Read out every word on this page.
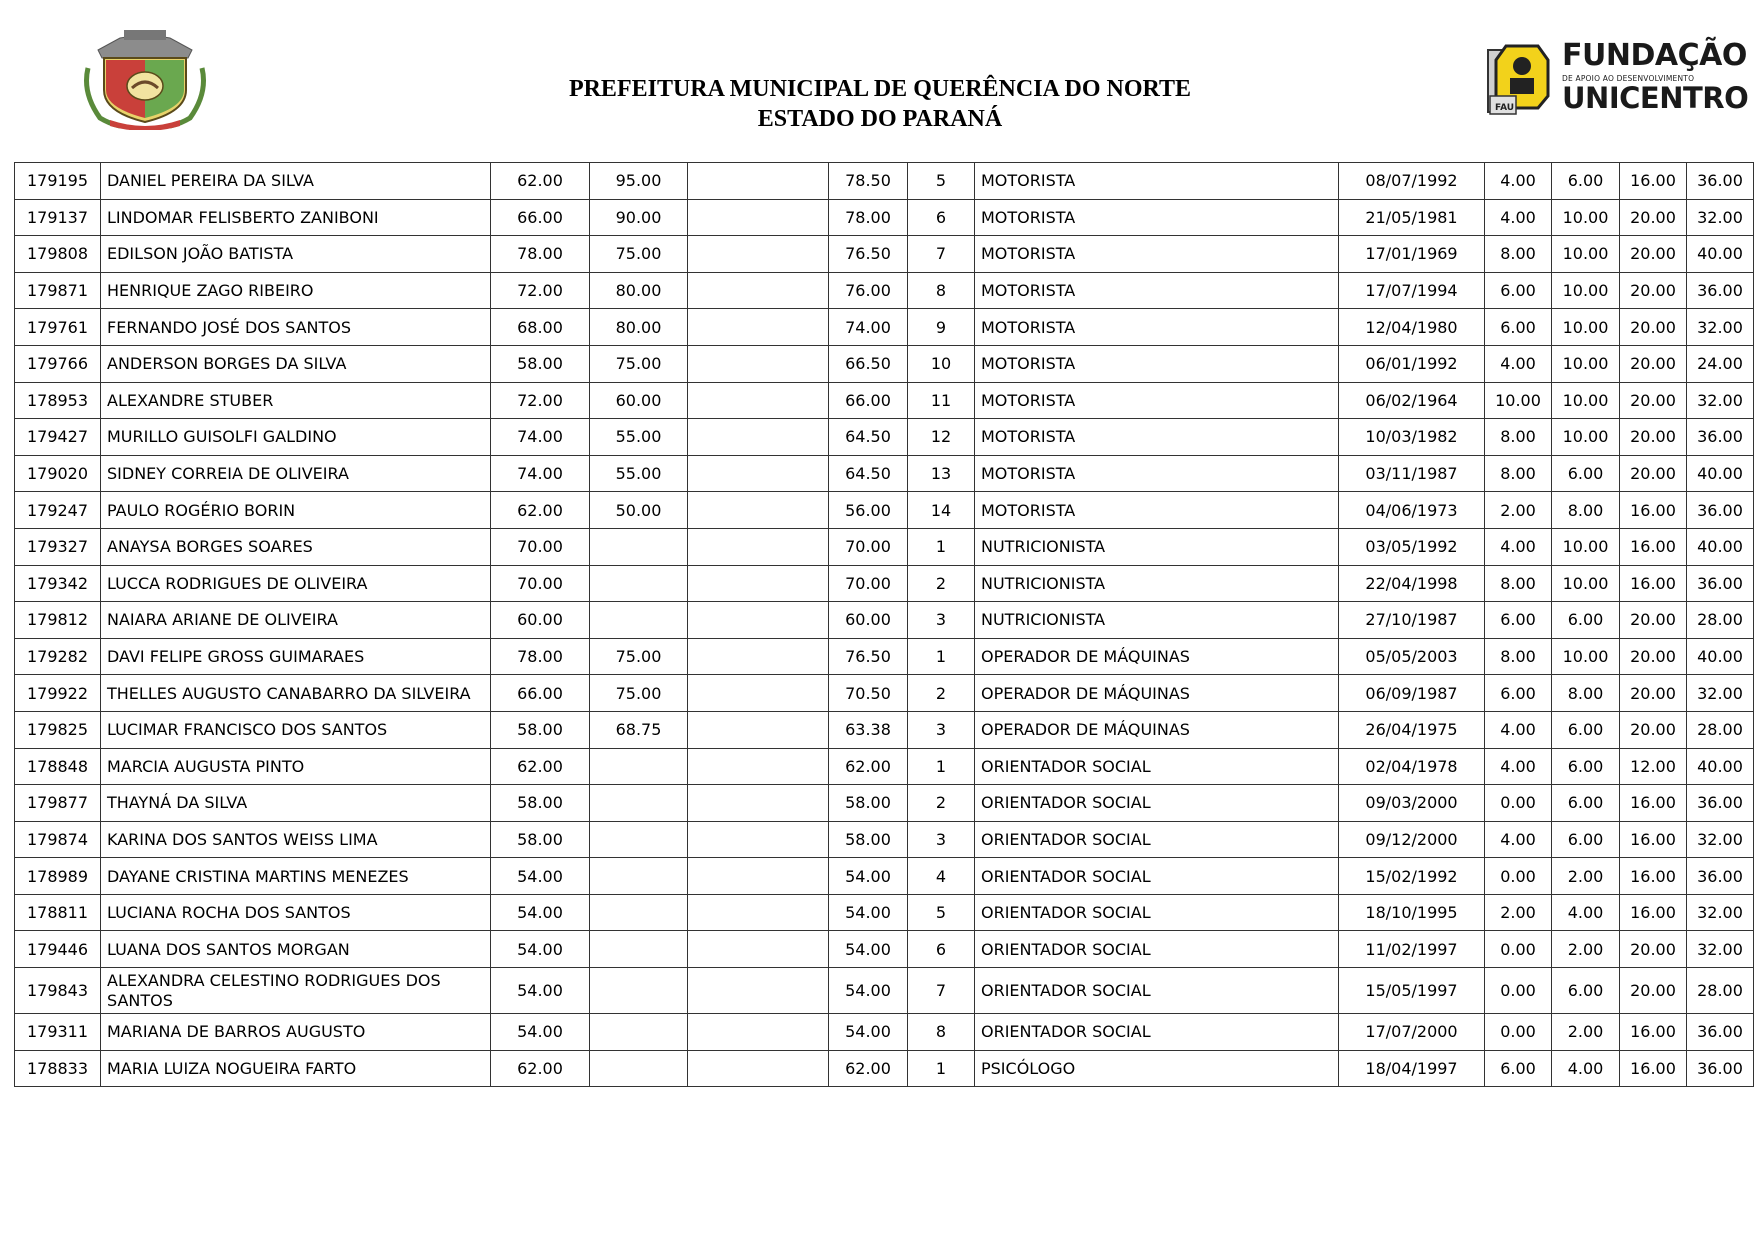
PREFEITURA MUNICIPAL DE QUERÊNCIA DO NORTE
ESTADO DO PARANÁ	FAU
FUNDAÇÃO
DE APOIO AO DESENVOLVIMENTO
UNICENTRO
179195	DANIEL PEREIRA DA SILVA	62.00	95.00		78.50	5	MOTORISTA	08/07/1992	4.00	6.00	16.00	36.00
179137	LINDOMAR FELISBERTO ZANIBONI	66.00	90.00		78.00	6	MOTORISTA	21/05/1981	4.00	10.00	20.00	32.00
179808	EDILSON JOÃO BATISTA	78.00	75.00		76.50	7	MOTORISTA	17/01/1969	8.00	10.00	20.00	40.00
179871	HENRIQUE ZAGO RIBEIRO	72.00	80.00		76.00	8	MOTORISTA	17/07/1994	6.00	10.00	20.00	36.00
179761	FERNANDO JOSÉ DOS SANTOS	68.00	80.00		74.00	9	MOTORISTA	12/04/1980	6.00	10.00	20.00	32.00
179766	ANDERSON BORGES DA SILVA	58.00	75.00		66.50	10	MOTORISTA	06/01/1992	4.00	10.00	20.00	24.00
178953	ALEXANDRE STUBER	72.00	60.00		66.00	11	MOTORISTA	06/02/1964	10.00	10.00	20.00	32.00
179427	MURILLO GUISOLFI GALDINO	74.00	55.00		64.50	12	MOTORISTA	10/03/1982	8.00	10.00	20.00	36.00
179020	SIDNEY CORREIA DE OLIVEIRA	74.00	55.00		64.50	13	MOTORISTA	03/11/1987	8.00	6.00	20.00	40.00
179247	PAULO ROGÉRIO BORIN	62.00	50.00		56.00	14	MOTORISTA	04/06/1973	2.00	8.00	16.00	36.00
179327	ANAYSA BORGES SOARES	70.00			70.00	1	NUTRICIONISTA	03/05/1992	4.00	10.00	16.00	40.00
179342	LUCCA RODRIGUES DE OLIVEIRA	70.00			70.00	2	NUTRICIONISTA	22/04/1998	8.00	10.00	16.00	36.00
179812	NAIARA ARIANE DE OLIVEIRA	60.00			60.00	3	NUTRICIONISTA	27/10/1987	6.00	6.00	20.00	28.00
179282	DAVI FELIPE GROSS GUIMARAES	78.00	75.00		76.50	1	OPERADOR DE MÁQUINAS	05/05/2003	8.00	10.00	20.00	40.00
179922	THELLES AUGUSTO CANABARRO DA SILVEIRA	66.00	75.00		70.50	2	OPERADOR DE MÁQUINAS	06/09/1987	6.00	8.00	20.00	32.00
179825	LUCIMAR FRANCISCO DOS SANTOS	58.00	68.75		63.38	3	OPERADOR DE MÁQUINAS	26/04/1975	4.00	6.00	20.00	28.00
178848	MARCIA AUGUSTA PINTO	62.00			62.00	1	ORIENTADOR SOCIAL	02/04/1978	4.00	6.00	12.00	40.00
179877	THAYNÁ DA SILVA	58.00			58.00	2	ORIENTADOR SOCIAL	09/03/2000	0.00	6.00	16.00	36.00
179874	KARINA DOS SANTOS WEISS LIMA	58.00			58.00	3	ORIENTADOR SOCIAL	09/12/2000	4.00	6.00	16.00	32.00
178989	DAYANE CRISTINA MARTINS MENEZES	54.00			54.00	4	ORIENTADOR SOCIAL	15/02/1992	0.00	2.00	16.00	36.00
178811	LUCIANA ROCHA DOS SANTOS	54.00			54.00	5	ORIENTADOR SOCIAL	18/10/1995	2.00	4.00	16.00	32.00
179446	LUANA DOS SANTOS MORGAN	54.00			54.00	6	ORIENTADOR SOCIAL	11/02/1997	0.00	2.00	20.00	32.00
179843	ALEXANDRA CELESTINO RODRIGUES DOS SANTOS	54.00			54.00	7	ORIENTADOR SOCIAL	15/05/1997	0.00	6.00	20.00	28.00
179311	MARIANA DE BARROS AUGUSTO	54.00			54.00	8	ORIENTADOR SOCIAL	17/07/2000	0.00	2.00	16.00	36.00
178833	MARIA LUIZA NOGUEIRA FARTO	62.00			62.00	1	PSICÓLOGO	18/04/1997	6.00	4.00	16.00	36.00
